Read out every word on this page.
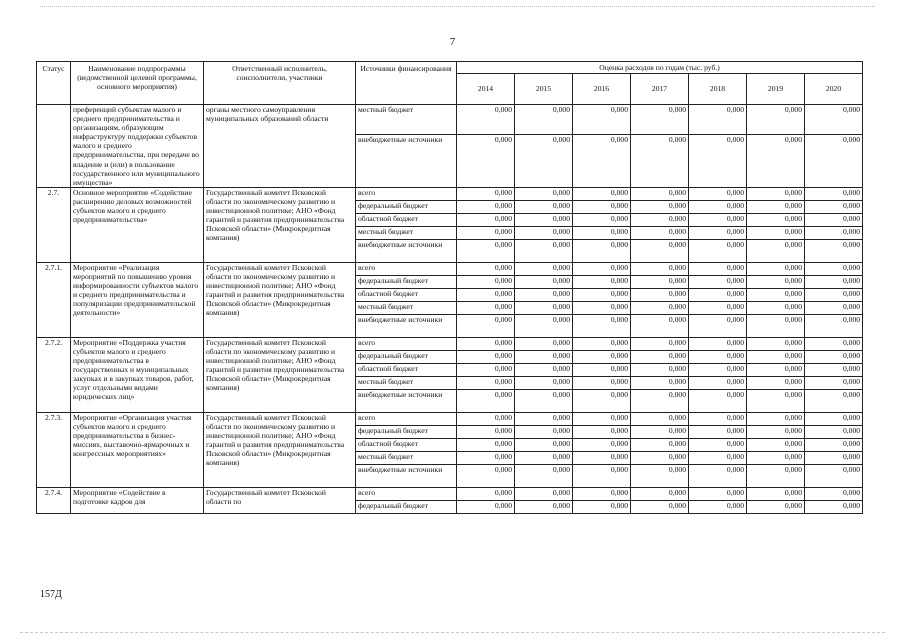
7
Статус	Наименование подпрограммы (ведомственной целевой программы, основного мероприятия)	Ответственный исполнитель, соисполнители, участники	Источники финансирования	Оценка расходов по годам (тыс. руб.)						
				2014	2015	2016	2017	2018	2019	2020
	преференций субъектам малого и среднего предпринимательства и организациям, образующим инфраструктуру поддержки субъектов малого и среднего предпринимательства, при передаче во владение и (или) в пользование государственного или муниципального имущества»	органы местного самоуправления муниципальных образований области	местный бюджет	0,000	0,000	0,000	0,000	0,000	0,000	0,000
			внебюджетные источники	0,000	0,000	0,000	0,000	0,000	0,000	0,000
2.7.	Основное мероприятие «Содействие расширению деловых возможностей субъектов малого и среднего предпринимательства»	Государственный комитет Псковской области по экономическому развитию и инвестиционной политике; АНО «Фонд гарантий и развития предпринимательства Псковской области» (Микрокредитная компания)	всего	0,000	0,000	0,000	0,000	0,000	0,000	0,000
			федеральный бюджет	0,000	0,000	0,000	0,000	0,000	0,000	0,000
			областной бюджет	0,000	0,000	0,000	0,000	0,000	0,000	0,000
			местный бюджет	0,000	0,000	0,000	0,000	0,000	0,000	0,000
			внебюджетные источники	0,000	0,000	0,000	0,000	0,000	0,000	0,000
2.7.1.	Мероприятие «Реализация мероприятий по повышению уровня информированности субъектов малого и среднего предпринимательства и популяризации предпринимательской деятельности»	Государственный комитет Псковской области по экономическому развитию и инвестиционной политике; АНО «Фонд гарантий и развития предпринимательства Псковской области» (Микрокредитная компания)	всего	0,000	0,000	0,000	0,000	0,000	0,000	0,000
			федеральный бюджет	0,000	0,000	0,000	0,000	0,000	0,000	0,000
			областной бюджет	0,000	0,000	0,000	0,000	0,000	0,000	0,000
			местный бюджет	0,000	0,000	0,000	0,000	0,000	0,000	0,000
			внебюджетные источники	0,000	0,000	0,000	0,000	0,000	0,000	0,000
2.7.2.	Мероприятие «Поддержка участия субъектов малого и среднего предпринимательства в государственных и муниципальных закупках и в закупках товаров, работ, услуг отдельными видами юридических лиц»	Государственный комитет Псковской области по экономическому развитию и инвестиционной политике; АНО «Фонд гарантий и развития предпринимательства Псковской области» (Микрокредитная компания)	всего	0,000	0,000	0,000	0,000	0,000	0,000	0,000
			федеральный бюджет	0,000	0,000	0,000	0,000	0,000	0,000	0,000
			областной бюджет	0,000	0,000	0,000	0,000	0,000	0,000	0,000
			местный бюджет	0,000	0,000	0,000	0,000	0,000	0,000	0,000
			внебюджетные источники	0,000	0,000	0,000	0,000	0,000	0,000	0,000
2.7.3.	Мероприятие «Организация участия субъектов малого и среднего предпринимательства в бизнес-миссиях, выставочно-ярмарочных и конгрессных мероприятиях»	Государственный комитет Псковской области по экономическому развитию и инвестиционной политике; АНО «Фонд гарантий и развития предпринимательства Псковской области» (Микрокредитная компания)	всего	0,000	0,000	0,000	0,000	0,000	0,000	0,000
			федеральный бюджет	0,000	0,000	0,000	0,000	0,000	0,000	0,000
			областной бюджет	0,000	0,000	0,000	0,000	0,000	0,000	0,000
			местный бюджет	0,000	0,000	0,000	0,000	0,000	0,000	0,000
			внебюджетные источники	0,000	0,000	0,000	0,000	0,000	0,000	0,000
2.7.4.	Мероприятие «Содействие в подготовке кадров для	Государственный комитет Псковской области по	всего	0,000	0,000	0,000	0,000	0,000	0,000	0,000
			федеральный бюджет	0,000	0,000	0,000	0,000	0,000	0,000	0,000
157Д
